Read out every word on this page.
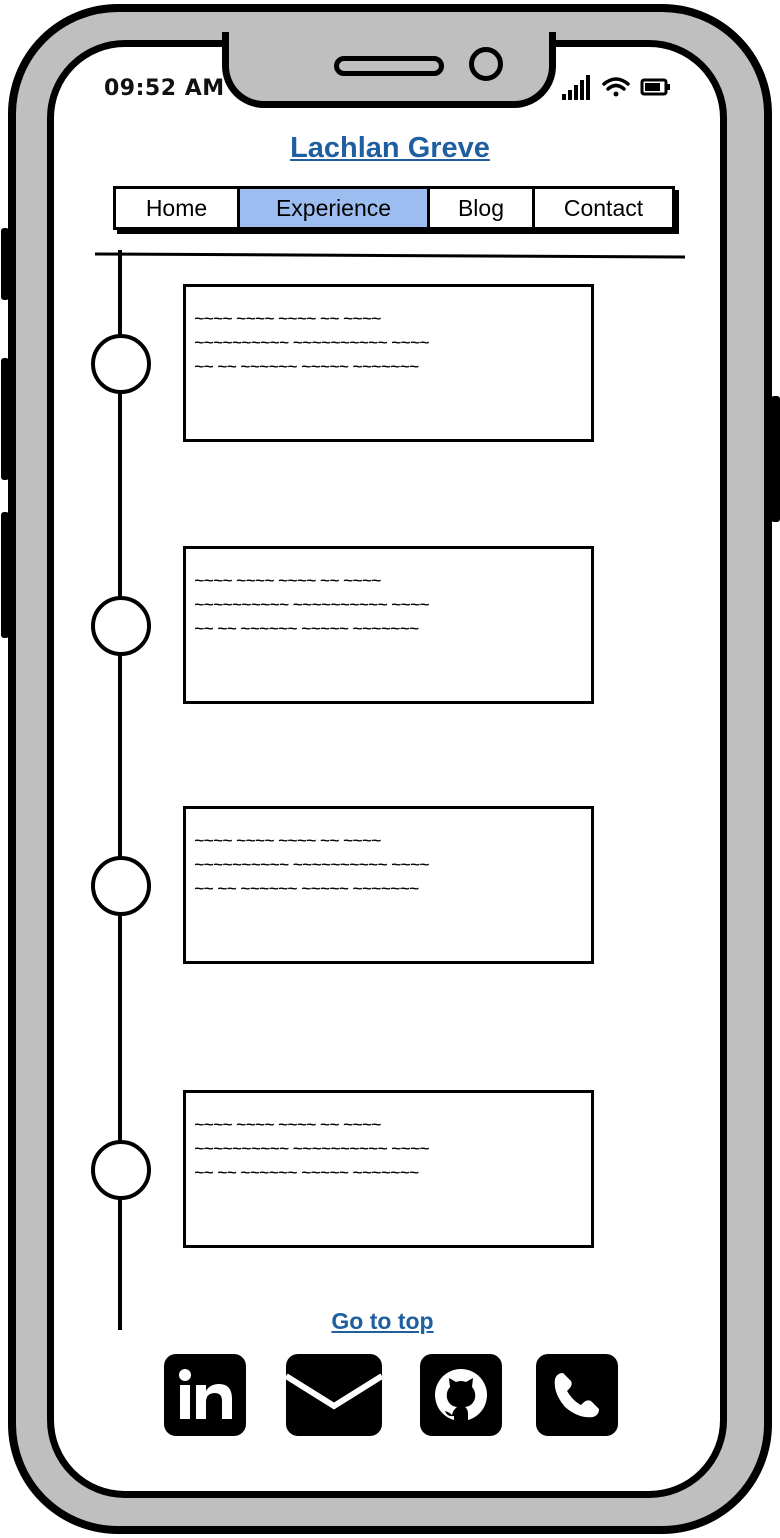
09:52 AM
Lachlan Greve
Home	Experience	Blog	Contact
~~~~ ~~~~ ~~~~ ~~ ~~~~
~~~~~~~~~~ ~~~~~~~~~~ ~~~~
~~ ~~ ~~~~~~ ~~~~~ ~~~~~~~
~~~~ ~~~~ ~~~~ ~~ ~~~~
~~~~~~~~~~ ~~~~~~~~~~ ~~~~
~~ ~~ ~~~~~~ ~~~~~ ~~~~~~~
~~~~ ~~~~ ~~~~ ~~ ~~~~
~~~~~~~~~~ ~~~~~~~~~~ ~~~~
~~ ~~ ~~~~~~ ~~~~~ ~~~~~~~
~~~~ ~~~~ ~~~~ ~~ ~~~~
~~~~~~~~~~ ~~~~~~~~~~ ~~~~
~~ ~~ ~~~~~~ ~~~~~ ~~~~~~~
Go to top
